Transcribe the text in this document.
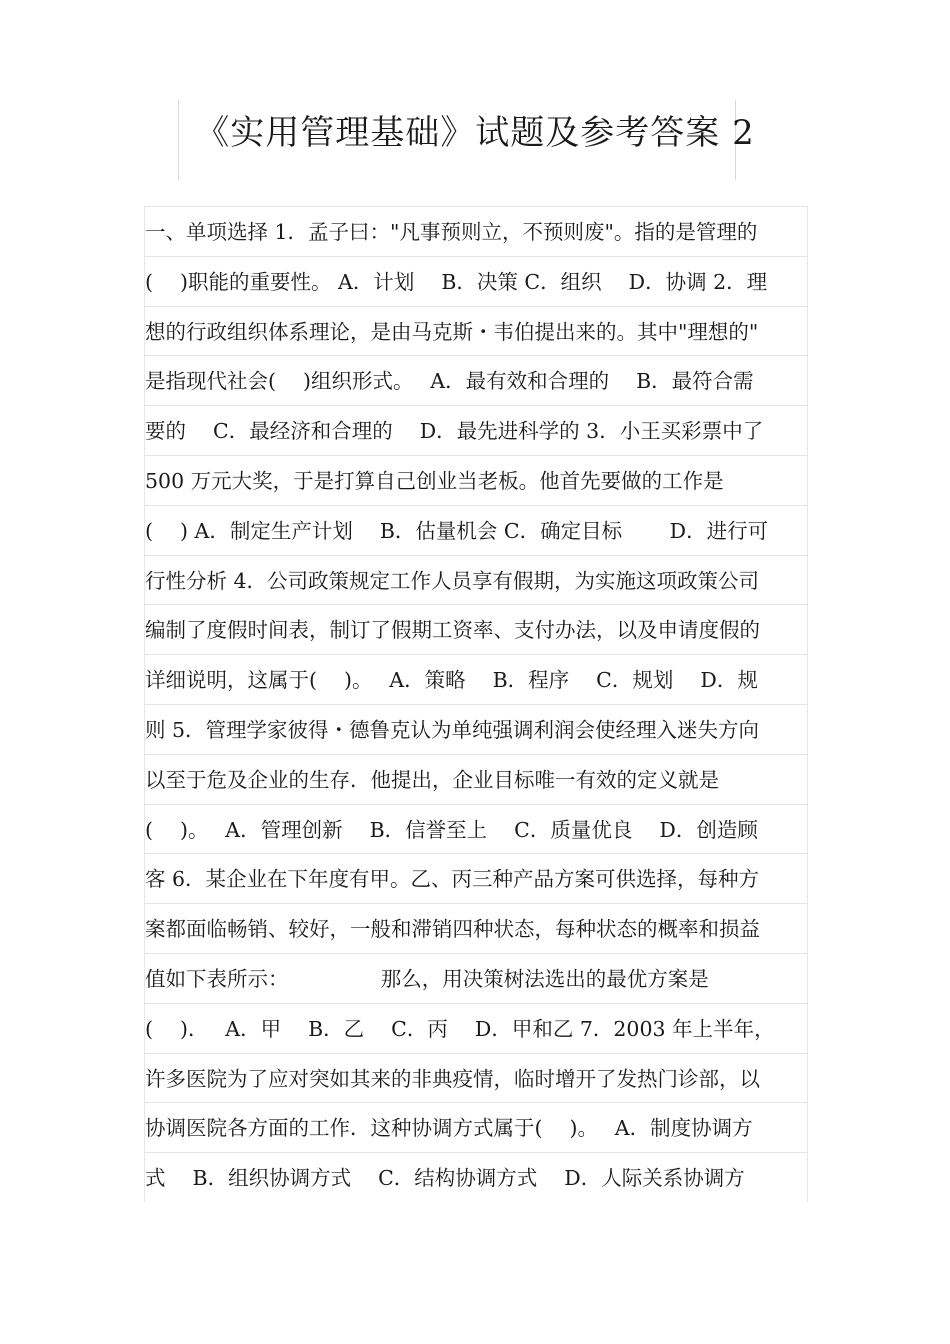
《实用管理基础》试题及参考答案 2
一、单项选择 1．孟子曰："凡事预则立，不预则废"。指的是管理的
(　 )职能的重要性。 A．计划　 B．决策 C．组织　 D．协调 2．理
想的行政组织体系理论，是由马克斯・韦伯提出来的。其中"理想的"
是指现代社会(　 )组织形式。　 A．最有效和合理的　 B．最符合需
要的　 C．最经济和合理的　 D．最先进科学的 3．小王买彩票中了
500 万元大奖，于是打算自己创业当老板。他首先要做的工作是
(　 ) A．制定生产计划　 B．估量机会 C．确定目标　　 D．进行可
行性分析 4．公司政策规定工作人员享有假期，为实施这项政策公司
编制了度假时间表，制订了假期工资率、支付办法，以及申请度假的
详细说明，这属于(　 )。　 A．策略　 B．程序　 C．规划　 D．规
则 5．管理学家彼得・德鲁克认为单纯强调利润会使经理入迷失方向
以至于危及企业的生存．他提出，企业目标唯一有效的定义就是
(　 )。　 A．管理创新　 B．信誉至上　 C．质量优良　 D．创造顾
客 6．某企业在下年度有甲。乙、丙三种产品方案可供选择，每种方
案都面临畅销、较好，一般和滞销四种状态，每种状态的概率和损益
值如下表所示：　　　　　那么，用决策树法选出的最优方案是
(　 )．　 A．甲　 B．乙　 C．丙　 D．甲和乙 7．2003 年上半年，
许多医院为了应对突如其来的非典疫情，临时增开了发热门诊部，以
协调医院各方面的工作．这种协调方式属于(　 )。　 A．制度协调方
式　 B．组织协调方式　 C．结构协调方式　 D．人际关系协调方
